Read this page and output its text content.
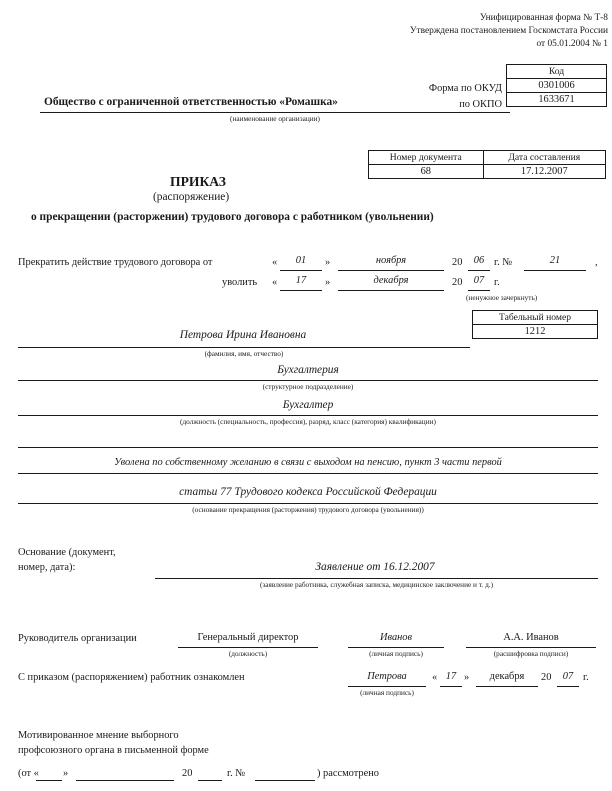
Унифицированная форма № Т-8
Утверждена постановлением Госкомстата России
от 05.01.2004 № 1
Код
0301006
1633671
Форма по ОКУД
по ОКПО
Общество с ограниченной ответственностью «Ромашка»
(наименование организации)
Номер документа	Дата составления
68	17.12.2007
ПРИКАЗ
(распоряжение)
о прекращении (расторжении) трудового договора с работником (увольнении)
Прекратить действие трудового договора от	«	01	»	ноября	20	06 г. №	21	,
уволить «	17	»	декабря	20	07 г.
(ненужное зачеркнуть)
Табельный номер
1212
Петрова Ирина Ивановна
(фамилия, имя, отчество)
Бухгалтерия
(структурное подразделение)
Бухгалтер
(должность (специальность, профессия), разряд, класс (категория) квалификации)
Уволена по собственному желанию в связи с выходом на пенсию, пункт 3 части первой
статьи 77 Трудового кодекса Российской Федерации
(основание прекращения (расторжения) трудового договора (увольнения))
Основание (документ,
номер, дата):	Заявление от 16.12.2007
(заявление работника, служебная записка, медицинское заключение и т. д.)
Руководитель организации	Генеральный директор
(должность)
Иванов
(личная подпись)
А.А. Иванов
(расшифровка подписи)
С приказом (распоряжением) работник ознакомлен	Петрова
(личная подпись)
« 17 »	декабря	20	07 г.
Мотивированное мнение выборного
профсоюзного органа в письменной форме
(от « »	20	г. №	) рассмотрено
